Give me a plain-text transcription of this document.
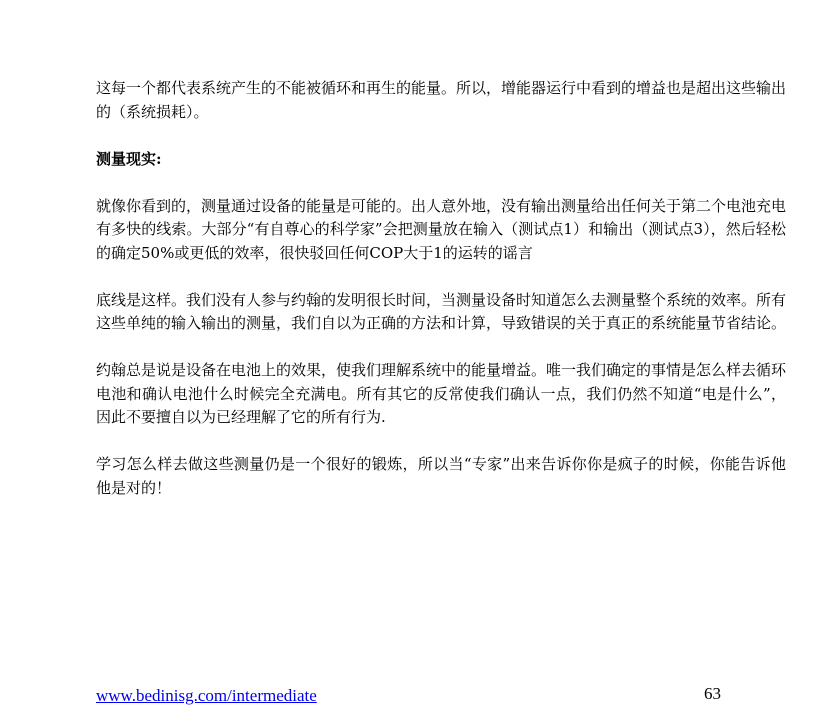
这每一个都代表系统产生的不能被循环和再生的能量。所以，增能器运行中看到的增益也是超出这些输出的（系统损耗）。

测量现实:

就像你看到的，测量通过设备的能量是可能的。出人意外地，没有输出测量给出任何关于第二个电池充电有多快的线索。大部分“有自尊心的科学家”会把测量放在输入（测试点1）和输出（测试点3），然后轻松的确定50%或更低的效率，很快驳回任何COP大于1的运转的谣言

底线是这样。我们没有人参与约翰的发明很长时间，当测量设备时知道怎么去测量整个系统的效率。所有这些单纯的输入输出的测量，我们自以为正确的方法和计算，导致错误的关于真正的系统能量节省结论。

约翰总是说是设备在电池上的效果，使我们理解系统中的能量增益。唯一我们确定的事情是怎么样去循环电池和确认电池什么时候完全充满电。所有其它的反常使我们确认一点，我们仍然不知道“电是什么”，因此不要擅自以为已经理解了它的所有行为.

学习怎么样去做这些测量仍是一个很好的锻炼，所以当“专家”出来告诉你你是疯子的时候，你能告诉他他是对的！

www.bedinisg.com/intermediate	63
